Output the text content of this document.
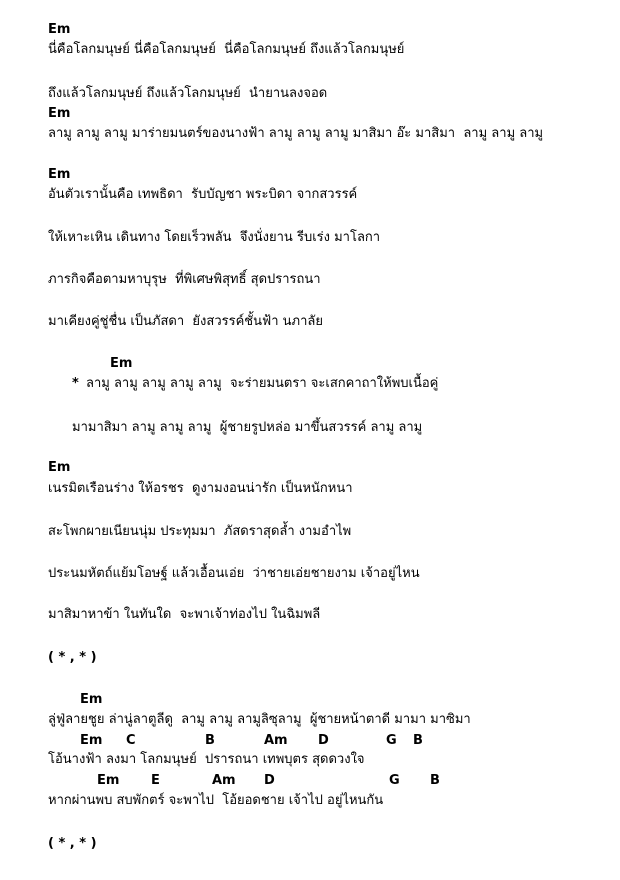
Em
นี่คือโลกมนุษย์ นี่คือโลกมนุษย์  นี่คือโลกมนุษย์ ถึงแล้วโลกมนุษย์
ถึงแล้วโลกมนุษย์ ถึงแล้วโลกมนุษย์  นำยานลงจอด
Em
ลามู ลามู ลามู มาร่ายมนตร์ของนางฟ้า ลามู ลามู ลามู มาสิมา อ๊ะ มาสิมา  ลามู ลามู ลามู
Em
อันตัวเรานั้นคือ เทพธิดา  รับบัญชา พระบิดา จากสวรรค์
ให้เหาะเหิน เดินทาง โดยเร็วพลัน  จึงนั่งยาน รีบเร่ง มาโลกา
ภารกิจคือตามหาบุรุษ  ที่พิเศษพิสุทธิ์ สุดปรารถนา
มาเคียงคู่ชู่ชื่น เป็นภัสดา  ยังสวรรค์ชั้นฟ้า นภาลัย
Em
* ลามู ลามู ลามู ลามู ลามู  จะร่ายมนตรา จะเสกคาถาให้พบเนื้อคู่
มามาสิมา ลามู ลามู ลามู  ผู้ชายรูปหล่อ มาขึ้นสวรรค์ ลามู ลามู
Em
เนรมิตเรือนร่าง ให้อรชร  ดูงามงอนน่ารัก เป็นหนักหนา
สะโพกผายเนียนนุ่ม ประทุมมา  ภัสดราสุดล้ำ งามอำไพ
ประนมหัตถ์แย้มโอษฐ์ แล้วเอื้อนเอ่ย  ว่าชายเอ่ยชายงาม เจ้าอยู่ไหน
มาสิมาหาข้า ในทันใด  จะพาเจ้าท่องไป ในฉิมพลี
( * , * )
Em
ลู่ฟู่ลายชูย ล่านู่ลาตูลีดู  ลามู ลามู ลามูลิซุลามู  ผู้ชายหน้าตาดี มามา มาซิมา
Em C	B	Am D	G B
โอ้นางฟ้า ลงมา โลกมนุษย์  ปรารถนา เทพบุตร สุดดวงใจ
Em E	Am D	G B
หากผ่านพบ สบพักตร์ จะพาไป  โอ้ยอดชาย เจ้าไป อยู่ไหนกัน
( * , * )
